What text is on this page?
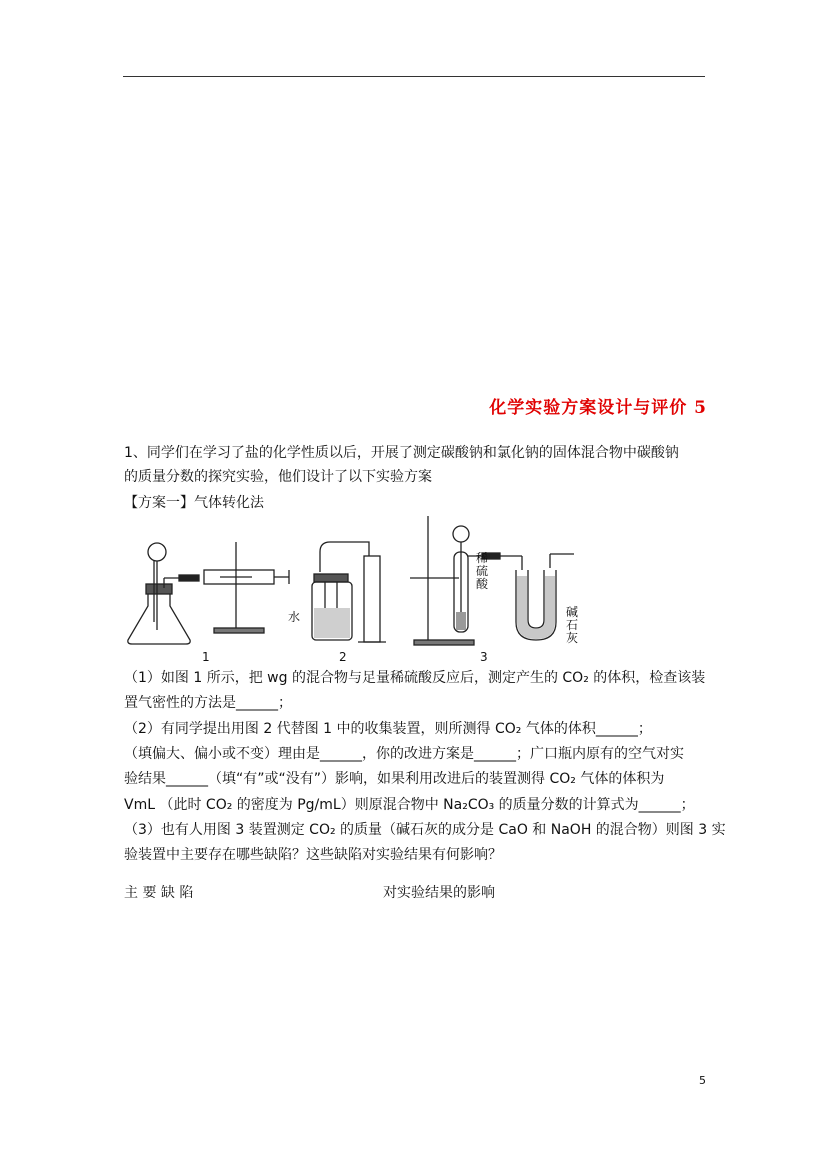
化学实验方案设计与评价 5
1、同学们在学习了盐的化学性质以后，开展了测定碳酸钠和氯化钠的固体混合物中碳酸钠
的质量分数的探究实验，他们设计了以下实验方案
【方案一】气体转化法
1	2	3
水
稀硫酸
碱石灰
（1）如图 1 所示，把 wg 的混合物与足量稀硫酸反应后，测定产生的 CO₂ 的体积，检查该装
置气密性的方法是______；
（2）有同学提出用图 2 代替图 1 中的收集装置，则所测得 CO₂ 气体的体积______；
（填偏大、偏小或不变）理由是______，你的改进方案是______；广口瓶内原有的空气对实
验结果______（填“有”或“没有”）影响，如果利用改进后的装置测得 CO₂ 气体的体积为
VmL （此时 CO₂ 的密度为 Pg/mL）则原混合物中 Na₂CO₃ 的质量分数的计算式为______；
（3）也有人用图 3 装置测定 CO₂ 的质量（碱石灰的成分是 CaO 和 NaOH 的混合物）则图 3 实
验装置中主要存在哪些缺陷？这些缺陷对实验结果有何影响？
主 要 缺 陷	对实验结果的影响
5
